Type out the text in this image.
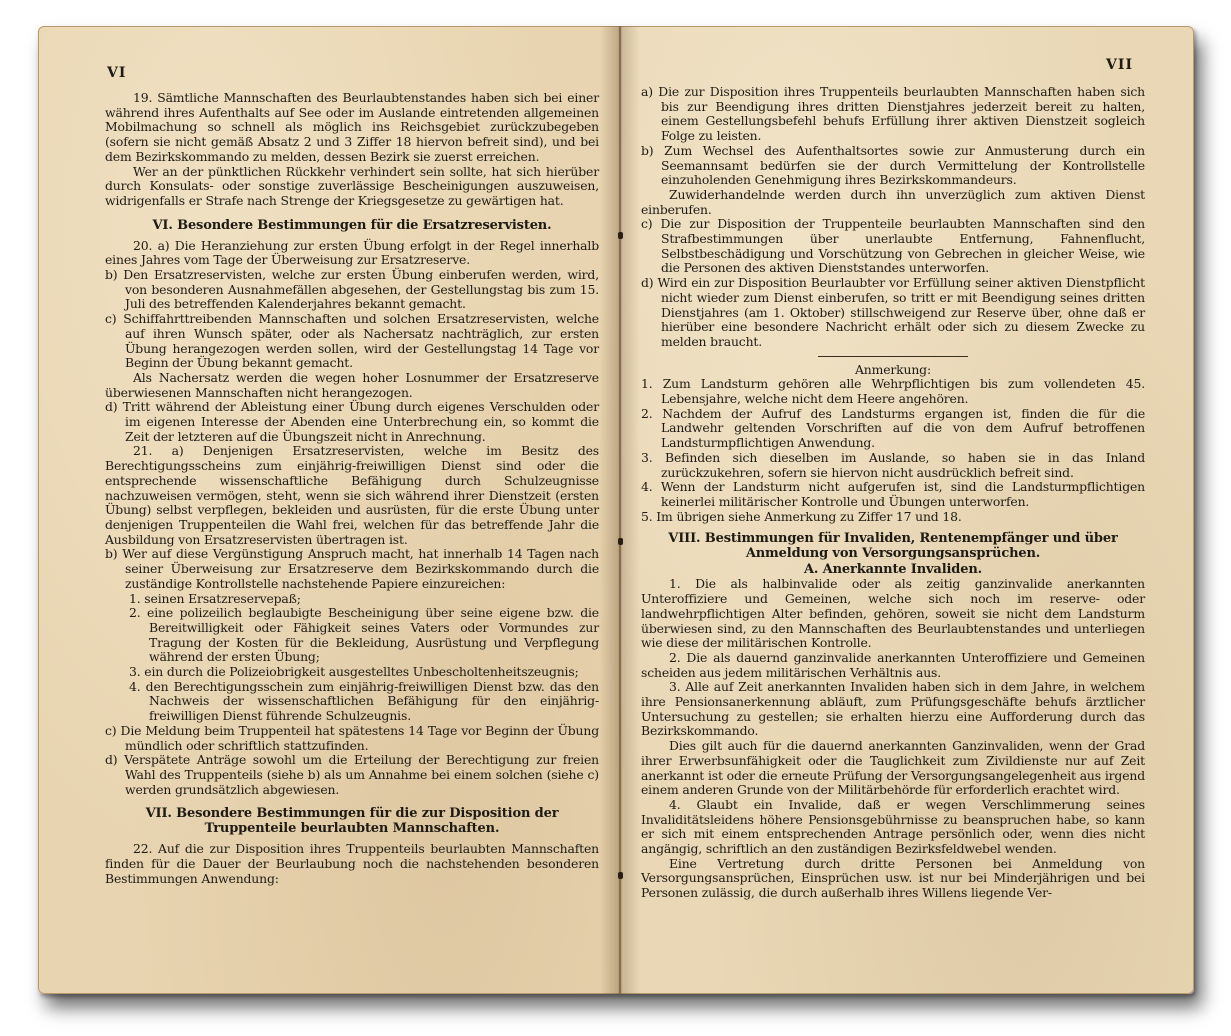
VI

19. Sämtliche Mannschaften des Beurlaubtenstandes haben sich bei einer während ihres Aufenthalts auf See oder im Auslande eintretenden allgemeinen Mobilmachung so schnell als möglich ins Reichsgebiet zurückzubegeben (sofern sie nicht gemäß Absatz 2 und 3 Ziffer 18 hiervon befreit sind), und bei dem Bezirkskommando zu melden, dessen Bezirk sie zuerst erreichen.

Wer an der pünktlichen Rückkehr verhindert sein sollte, hat sich hierüber durch Konsulats- oder sonstige zuverlässige Bescheinigungen auszuweisen, widrigenfalls er Strafe nach Strenge der Kriegsgesetze zu gewärtigen hat.

VI. Besondere Bestimmungen für die Ersatzreservisten.

20. a) Die Heranziehung zur ersten Übung erfolgt in der Regel innerhalb eines Jahres vom Tage der Überweisung zur Ersatzreserve.

b) Den Ersatzreservisten, welche zur ersten Übung einberufen werden, wird, von besonderen Ausnahmefällen abgesehen, der Gestellungstag bis zum 15. Juli des betreffenden Kalenderjahres bekannt gemacht.

c) Schiffahrttreibenden Mannschaften und solchen Ersatzreservisten, welche auf ihren Wunsch später, oder als Nachersatz nachträglich, zur ersten Übung herangezogen werden sollen, wird der Gestellungstag 14 Tage vor Beginn der Übung bekannt gemacht.

Als Nachersatz werden die wegen hoher Losnummer der Ersatzreserve überwiesenen Mannschaften nicht herangezogen.

d) Tritt während der Ableistung einer Übung durch eigenes Verschulden oder im eigenen Interesse der Abenden eine Unterbrechung ein, so kommt die Zeit der letzteren auf die Übungszeit nicht in Anrechnung.

21. a) Denjenigen Ersatzreservisten, welche im Besitz des Berechtigungsscheins zum einjährig-freiwilligen Dienst sind oder die entsprechende wissenschaftliche Befähigung durch Schulzeugnisse nachzuweisen vermögen, steht, wenn sie sich während ihrer Dienstzeit (ersten Übung) selbst verpflegen, bekleiden und ausrüsten, für die erste Übung unter denjenigen Truppenteilen die Wahl frei, welchen für das betreffende Jahr die Ausbildung von Ersatzreservisten übertragen ist.

b) Wer auf diese Vergünstigung Anspruch macht, hat innerhalb 14 Tagen nach seiner Überweisung zur Ersatzreserve dem Bezirkskommando durch die zuständige Kontrollstelle nachstehende Papiere einzureichen:

1. seinen Ersatzreservepaß;

2. eine polizeilich beglaubigte Bescheinigung über seine eigene bzw. die Bereitwilligkeit oder Fähigkeit seines Vaters oder Vormundes zur Tragung der Kosten für die Bekleidung, Ausrüstung und Verpflegung während der ersten Übung;

3. ein durch die Polizeiobrigkeit ausgestelltes Unbescholtenheitszeugnis;

4. den Berechtigungsschein zum einjährig-freiwilligen Dienst bzw. das den Nachweis der wissenschaftlichen Befähigung für den einjährig-freiwilligen Dienst führende Schulzeugnis.

c) Die Meldung beim Truppenteil hat spätestens 14 Tage vor Beginn der Übung mündlich oder schriftlich stattzufinden.

d) Verspätete Anträge sowohl um die Erteilung der Berechtigung zur freien Wahl des Truppenteils (siehe b) als um Annahme bei einem solchen (siehe c) werden grundsätzlich abgewiesen.

VII. Besondere Bestimmungen für die zur Disposition der Truppenteile beurlaubten Mannschaften.

22. Auf die zur Disposition ihres Truppenteils beurlaubten Mannschaften finden für die Dauer der Beurlaubung noch die nachstehenden besonderen Bestimmungen Anwendung:

VII

a) Die zur Disposition ihres Truppenteils beurlaubten Mannschaften haben sich bis zur Beendigung ihres dritten Dienstjahres jederzeit bereit zu halten, einem Gestellungsbefehl behufs Erfüllung ihrer aktiven Dienstzeit sogleich Folge zu leisten.

b) Zum Wechsel des Aufenthaltsortes sowie zur Anmusterung durch ein Seemannsamt bedürfen sie der durch Vermittelung der Kontrollstelle einzuholenden Genehmigung ihres Bezirkskommandeurs.

Zuwiderhandelnde werden durch ihn unverzüglich zum aktiven Dienst einberufen.

c) Die zur Disposition der Truppenteile beurlaubten Mannschaften sind den Strafbestimmungen über unerlaubte Entfernung, Fahnenflucht, Selbstbeschädigung und Vorschützung von Gebrechen in gleicher Weise, wie die Personen des aktiven Dienststandes unterworfen.

d) Wird ein zur Disposition Beurlaubter vor Erfüllung seiner aktiven Dienstpflicht nicht wieder zum Dienst einberufen, so tritt er mit Beendigung seines dritten Dienstjahres (am 1. Oktober) stillschweigend zur Reserve über, ohne daß er hierüber eine besondere Nachricht erhält oder sich zu diesem Zwecke zu melden braucht.

Anmerkung:

1. Zum Landsturm gehören alle Wehrpflichtigen bis zum vollendeten 45. Lebensjahre, welche nicht dem Heere angehören.

2. Nachdem der Aufruf des Landsturms ergangen ist, finden die für die Landwehr geltenden Vorschriften auf die von dem Aufruf betroffenen Landsturmpflichtigen Anwendung.

3. Befinden sich dieselben im Auslande, so haben sie in das Inland zurückzukehren, sofern sie hiervon nicht ausdrücklich befreit sind.

4. Wenn der Landsturm nicht aufgerufen ist, sind die Landsturmpflichtigen keinerlei militärischer Kontrolle und Übungen unterworfen.

5. Im übrigen siehe Anmerkung zu Ziffer 17 und 18.

VIII. Bestimmungen für Invaliden, Rentenempfänger und über Anmeldung von Versorgungsansprüchen.

A. Anerkannte Invaliden.

1. Die als halbinvalide oder als zeitig ganzinvalide anerkannten Unteroffiziere und Gemeinen, welche sich noch im reserve- oder landwehrpflichtigen Alter befinden, gehören, soweit sie nicht dem Landsturm überwiesen sind, zu den Mannschaften des Beurlaubtenstandes und unterliegen wie diese der militärischen Kontrolle.

2. Die als dauernd ganzinvalide anerkannten Unteroffiziere und Gemeinen scheiden aus jedem militärischen Verhältnis aus.

3. Alle auf Zeit anerkannten Invaliden haben sich in dem Jahre, in welchem ihre Pensionsanerkennung abläuft, zum Prüfungsgeschäfte behufs ärztlicher Untersuchung zu gestellen; sie erhalten hierzu eine Aufforderung durch das Bezirkskommando.

Dies gilt auch für die dauernd anerkannten Ganzinvaliden, wenn der Grad ihrer Erwerbsunfähigkeit oder die Tauglichkeit zum Zivildienste nur auf Zeit anerkannt ist oder die erneute Prüfung der Versorgungsangelegenheit aus irgend einem anderen Grunde von der Militärbehörde für erforderlich erachtet wird.

4. Glaubt ein Invalide, daß er wegen Verschlimmerung seines Invaliditätsleidens höhere Pensionsgebührnisse zu beanspruchen habe, so kann er sich mit einem entsprechenden Antrage persönlich oder, wenn dies nicht angängig, schriftlich an den zuständigen Bezirksfeldwebel wenden.

Eine Vertretung durch dritte Personen bei Anmeldung von Versorgungsansprüchen, Einsprüchen usw. ist nur bei Minderjährigen und bei Personen zulässig, die durch außerhalb ihres Willens liegende Ver-
